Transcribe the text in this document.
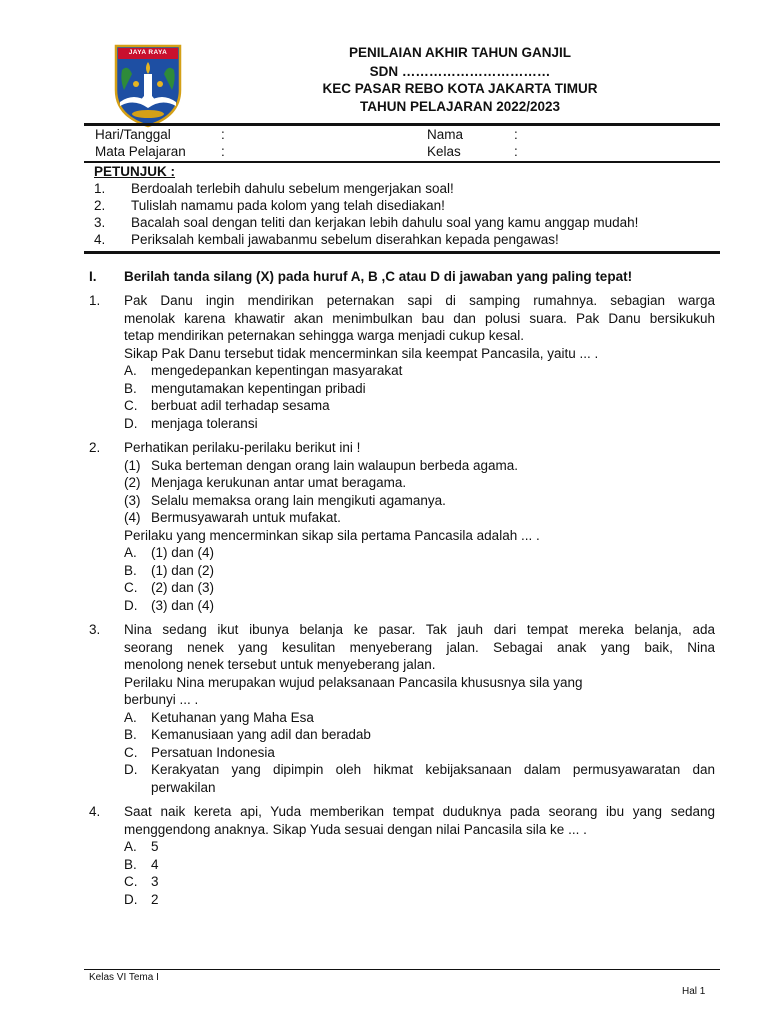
JAYA RAYA	PENILAIAN AKHIR TAHUN GANJIL
SDN ……………………………
KEC PASAR REBO KOTA JAKARTA TIMUR
TAHUN PELAJARAN 2022/2023
Hari/Tanggal	:	Nama	:
Mata Pelajaran	:	Kelas	:
PETUNJUK :
1. Berdoalah terlebih dahulu sebelum mengerjakan soal!
2. Tulislah namamu pada kolom yang telah disediakan!
3. Bacalah soal dengan teliti dan kerjakan lebih dahulu soal yang kamu anggap mudah!
4. Periksalah kembali jawabanmu sebelum diserahkan kepada pengawas!
I. Berilah tanda silang (X) pada huruf A, B ,C atau D di jawaban yang paling tepat!
1. Pak Danu ingin mendirikan peternakan sapi di samping rumahnya. sebagian warga
menolak karena khawatir akan menimbulkan bau dan polusi suara. Pak Danu bersikukuh
tetap mendirikan peternakan sehingga warga menjadi cukup kesal.
Sikap Pak Danu tersebut tidak mencerminkan sila keempat Pancasila, yaitu ... .
A. mengedepankan kepentingan masyarakat
B. mengutamakan kepentingan pribadi
C. berbuat adil terhadap sesama
D. menjaga toleransi
2. Perhatikan perilaku-perilaku berikut ini !
(1) Suka berteman dengan orang lain walaupun berbeda agama.
(2) Menjaga kerukunan antar umat beragama.
(3) Selalu memaksa orang lain mengikuti agamanya.
(4) Bermusyawarah untuk mufakat.
Perilaku yang mencerminkan sikap sila pertama Pancasila adalah ... .
A. (1) dan (4)
B. (1) dan (2)
C. (2) dan (3)
D. (3) dan (4)
3. Nina sedang ikut ibunya belanja ke pasar. Tak jauh dari tempat mereka belanja, ada
seorang nenek yang kesulitan menyeberang jalan. Sebagai anak yang baik, Nina
menolong nenek tersebut untuk menyeberang jalan.
Perilaku Nina merupakan wujud pelaksanaan Pancasila khususnya sila yang
berbunyi ... .
A. Ketuhanan yang Maha Esa
B. Kemanusiaan yang adil dan beradab
C. Persatuan Indonesia
D. Kerakyatan yang dipimpin oleh hikmat kebijaksanaan dalam permusyawaratan dan
perwakilan
4. Saat naik kereta api, Yuda memberikan tempat duduknya pada seorang ibu yang sedang
menggendong anaknya. Sikap Yuda sesuai dengan nilai Pancasila sila ke ... .
A. 5
B. 4
C. 3
D. 2
Kelas VI Tema I
Hal 1
